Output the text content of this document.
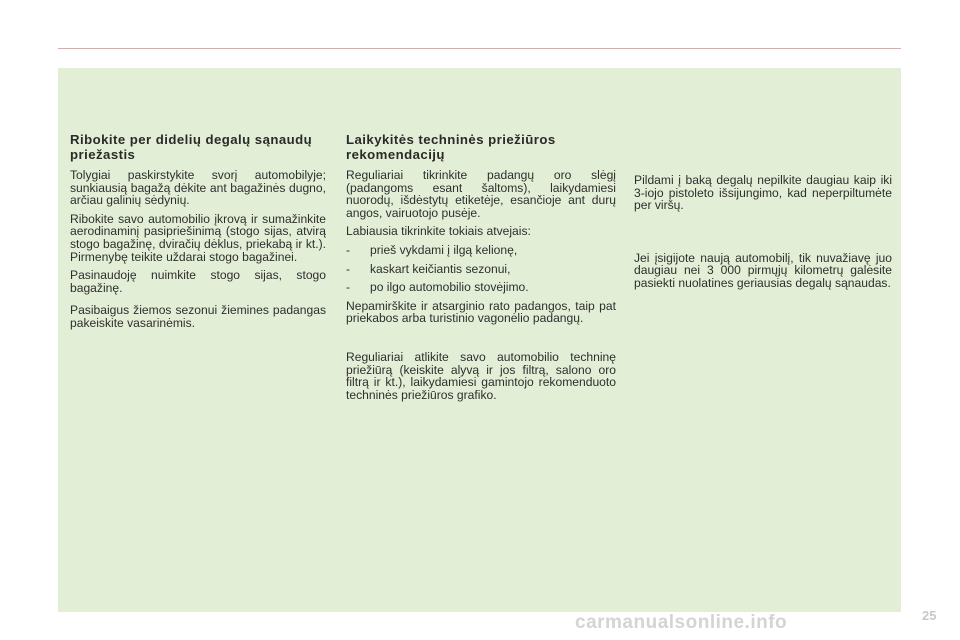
Ribokite per didelių degalų sąnaudų priežastis

Tolygiai paskirstykite svorį automobilyje; sunkiausią bagažą dėkite ant bagažinės dugno, arčiau galinių sėdynių.

Ribokite savo automobilio įkrovą ir sumažinkite aerodinaminį pasipriešinimą (stogo sijas, atvirą stogo bagažinę, dviračių dėklus, priekabą ir kt.). Pirmenybę teikite uždarai stogo bagažinei.

Pasinaudoję nuimkite stogo sijas, stogo bagažinę.

Pasibaigus žiemos sezonui žiemines padangas pakeiskite vasarinėmis.

Laikykitės techninės priežiūros rekomendacijų

Reguliariai tikrinkite padangų oro slėgį (padangoms esant šaltoms), laikydamiesi nuorodų, išdėstytų etiketėje, esančioje ant durų angos, vairuotojo pusėje.

Labiausia tikrinkite tokiais atvejais:

- prieš vykdami į ilgą kelionę,
- kaskart keičiantis sezonui,
- po ilgo automobilio stovėjimo.

Nepamirškite ir atsarginio rato padangos, taip pat priekabos arba turistinio vagonėlio padangų.

Reguliariai atlikite savo automobilio techninę priežiūrą (keiskite alyvą ir jos filtrą, salono oro filtrą ir kt.), laikydamiesi gamintojo rekomenduoto techninės priežiūros grafiko.

Pildami į baką degalų nepilkite daugiau kaip iki 3-iojo pistoleto išsijungimo, kad neperpiltumėte per viršų.

Jei įsigijote naują automobilį, tik nuvažiavę juo daugiau nei 3 000 pirmųjų kilometrų galėsite pasiekti nuolatines geriausias degalų sąnaudas.

carmanualsonline.info	25
